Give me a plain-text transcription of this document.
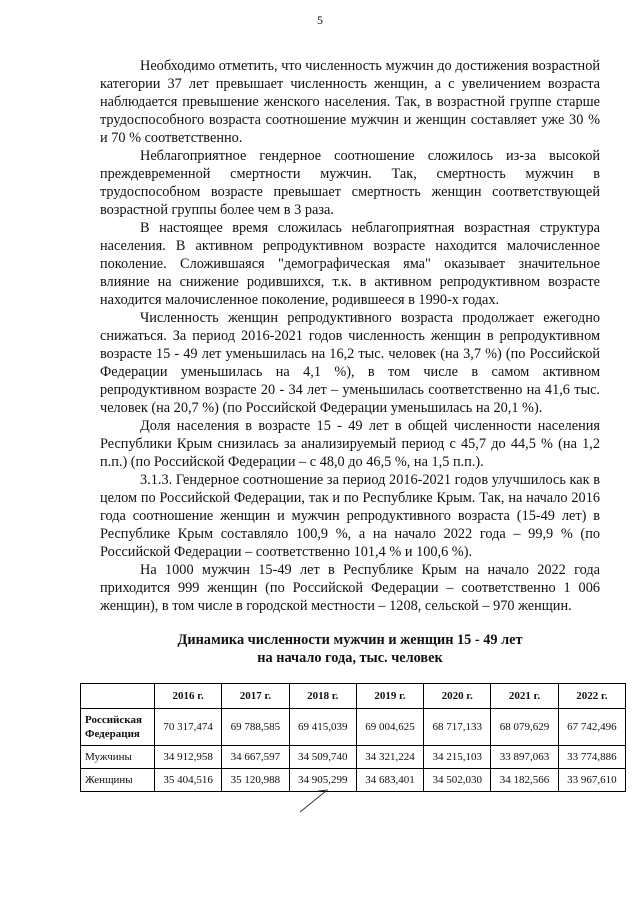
5

Необходимо отметить, что численность мужчин до достижения возрастной категории 37 лет превышает численность женщин, а с увеличением возраста наблюдается превышение женского населения. Так, в возрастной группе старше трудоспособного возраста соотношение мужчин и женщин составляет уже 30 % и 70 % соответственно.

Неблагоприятное гендерное соотношение сложилось из-за высокой преждевременной смертности мужчин. Так, смертность мужчин в трудоспособном возрасте превышает смертность женщин соответствующей возрастной группы более чем в 3 раза.

В настоящее время сложилась неблагоприятная возрастная структура населения. В активном репродуктивном возрасте находится малочисленное поколение. Сложившаяся "демографическая яма" оказывает значительное влияние на снижение родившихся, т.к. в активном репродуктивном возрасте находится малочисленное поколение, родившееся в 1990-х годах.

Численность женщин репродуктивного возраста продолжает ежегодно снижаться. За период 2016-2021 годов численность женщин в репродуктивном возрасте 15 - 49 лет уменьшилась на 16,2 тыс. человек (на 3,7 %) (по Российской Федерации уменьшилась на 4,1 %), в том числе в самом активном репродуктивном возрасте 20 - 34 лет – уменьшилась соответственно на 41,6 тыс. человек (на 20,7 %) (по Российской Федерации уменьшилась на 20,1 %).

Доля населения в возрасте 15 - 49 лет в общей численности населения Республики Крым снизилась за анализируемый период с 45,7 до 44,5 % (на 1,2 п.п.) (по Российской Федерации – с 48,0 до 46,5 %, на 1,5 п.п.).

3.1.3. Гендерное соотношение за период 2016-2021 годов улучшилось как в целом по Российской Федерации, так и по Республике Крым. Так, на начало 2016 года соотношение женщин и мужчин репродуктивного возраста (15-49 лет) в Республике Крым составляло 100,9 %, а на начало 2022 года – 99,9 % (по Российской Федерации – соответственно 101,4 % и 100,6 %).

На 1000 мужчин 15-49 лет в Республике Крым на начало 2022 года приходится 999 женщин (по Российской Федерации – соответственно 1 006 женщин), в том числе в городской местности – 1208, сельской – 970 женщин.

Динамика численности мужчин и женщин 15 - 49 лет
на начало года, тыс. человек
	2016 г.	2017 г.	2018 г.	2019 г.	2020 г.	2021 г.	2022 г.
Российская Федерация	70 317,474	69 788,585	69 415,039	69 004,625	68 717,133	68 079,629	67 742,496
Мужчины	34 912,958	34 667,597	34 509,740	34 321,224	34 215,103	33 897,063	33 774,886
Женщины	35 404,516	35 120,988	34 905,299	34 683,401	34 502,030	34 182,566	33 967,610
